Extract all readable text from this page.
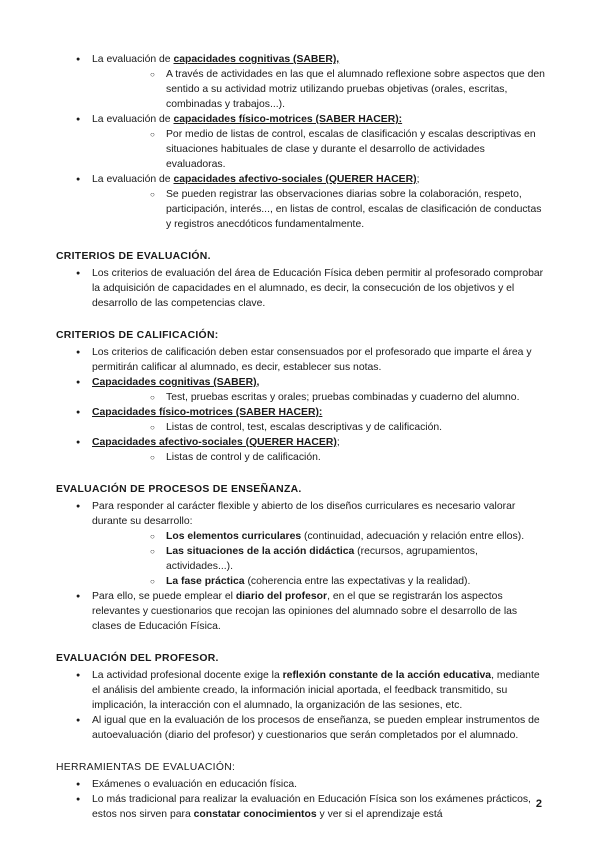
● La evaluación de capacidades cognitivas (SABER),
○ A través de actividades en las que el alumnado reflexione sobre aspectos que den sentido a su actividad motriz utilizando pruebas objetivas (orales, escritas, combinadas y trabajos...).
● La evaluación de capacidades físico-motrices (SABER HACER):
○ Por medio de listas de control, escalas de clasificación y escalas descriptivas en situaciones habituales de clase y durante el desarrollo de actividades evaluadoras.
● La evaluación de capacidades afectivo-sociales (QUERER HACER);
○ Se pueden registrar las observaciones diarias sobre la colaboración, respeto, participación, interés..., en listas de control, escalas de clasificación de conductas y registros anecdóticos fundamentalmente.
CRITERIOS DE EVALUACIÓN.
● Los criterios de evaluación del área de Educación Física deben permitir al profesorado comprobar la adquisición de capacidades en el alumnado, es decir, la consecución de los objetivos y el desarrollo de las competencias clave.
CRITERIOS DE CALIFICACIÓN:
● Los criterios de calificación deben estar consensuados por el profesorado que imparte el área y permitirán calificar al alumnado, es decir, establecer sus notas.
● Capacidades cognitivas (SABER),
○ Test, pruebas escritas y orales; pruebas combinadas y cuaderno del alumno.
● Capacidades físico-motrices (SABER HACER):
○ Listas de control, test, escalas descriptivas y de calificación.
● Capacidades afectivo-sociales (QUERER HACER);
○ Listas de control y de calificación.
EVALUACIÓN DE PROCESOS DE ENSEÑANZA.
● Para responder al carácter flexible y abierto de los diseños curriculares es necesario valorar durante su desarrollo:
○ Los elementos curriculares (continuidad, adecuación y relación entre ellos).
○ Las situaciones de la acción didáctica (recursos, agrupamientos, actividades...).
○ La fase práctica (coherencia entre las expectativas y la realidad).
● Para ello, se puede emplear el diario del profesor, en el que se registrarán los aspectos relevantes y cuestionarios que recojan las opiniones del alumnado sobre el desarrollo de las clases de Educación Física.
EVALUACIÓN DEL PROFESOR.
● La actividad profesional docente exige la reflexión constante de la acción educativa, mediante el análisis del ambiente creado, la información inicial aportada, el feedback transmitido, su implicación, la interacción con el alumnado, la organización de las sesiones, etc.
● Al igual que en la evaluación de los procesos de enseñanza, se pueden emplear instrumentos de autoevaluación (diario del profesor) y cuestionarios que serán completados por el alumnado.
HERRAMIENTAS DE EVALUACIÓN:
● Exámenes o evaluación en educación física.
● Lo más tradicional para realizar la evaluación en Educación Física son los exámenes prácticos, estos nos sirven para constatar conocimientos y ver si el aprendizaje está
2
